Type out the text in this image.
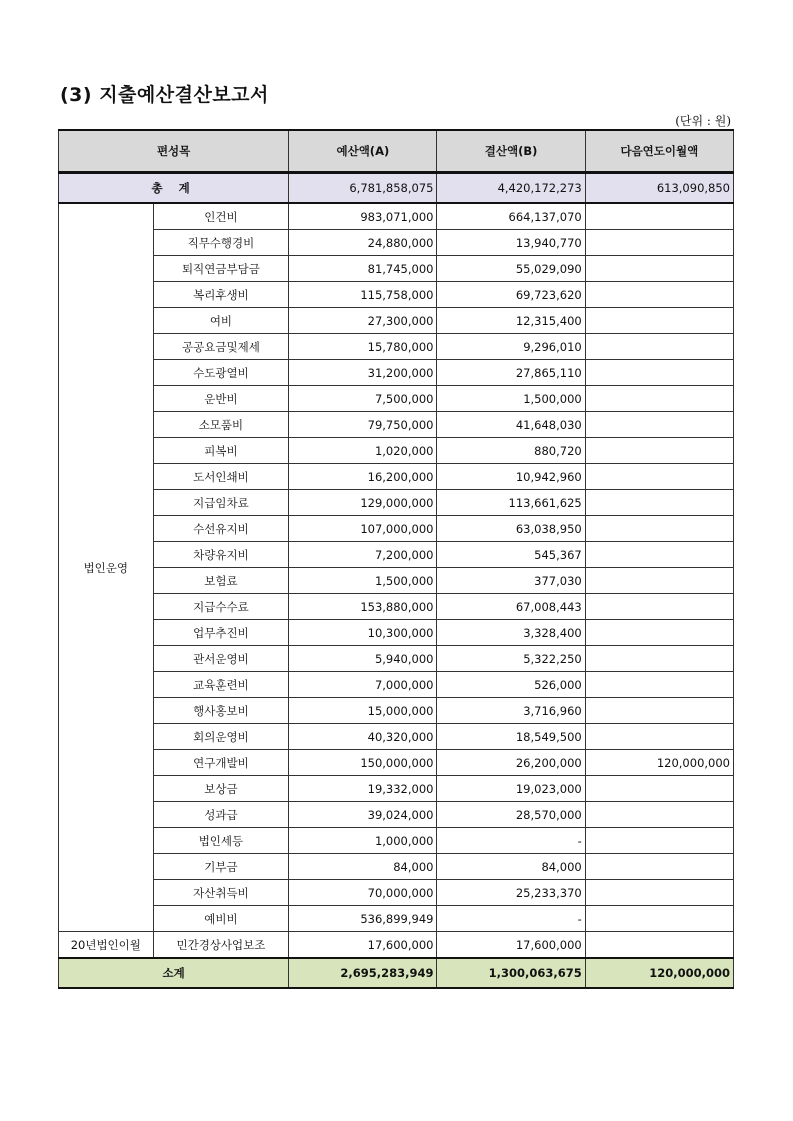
(3) 지출예산결산보고서
(단위 : 원)
편성목		예산액(A)	결산액(B)	다음연도이월액
총 계		6,781,858,075	4,420,172,273	613,090,850
법인운영	인건비	983,071,000	664,137,070	
	직무수행경비	24,880,000	13,940,770	
	퇴직연금부담금	81,745,000	55,029,090	
	복리후생비	115,758,000	69,723,620	
	여비	27,300,000	12,315,400	
	공공요금및제세	15,780,000	9,296,010	
	수도광열비	31,200,000	27,865,110	
	운반비	7,500,000	1,500,000	
	소모품비	79,750,000	41,648,030	
	피복비	1,020,000	880,720	
	도서인쇄비	16,200,000	10,942,960	
	지급임차료	129,000,000	113,661,625	
	수선유지비	107,000,000	63,038,950	
	차량유지비	7,200,000	545,367	
	보험료	1,500,000	377,030	
	지급수수료	153,880,000	67,008,443	
	업무추진비	10,300,000	3,328,400	
	관서운영비	5,940,000	5,322,250	
	교육훈련비	7,000,000	526,000	
	행사홍보비	15,000,000	3,716,960	
	회의운영비	40,320,000	18,549,500	
	연구개발비	150,000,000	26,200,000	120,000,000
	보상금	19,332,000	19,023,000	
	성과급	39,024,000	28,570,000	
	법인세등	1,000,000	-	
	기부금	84,000	84,000	
	자산취득비	70,000,000	25,233,370	
	예비비	536,899,949	-	
20년법인이월	민간경상사업보조	17,600,000	17,600,000	
소계		2,695,283,949	1,300,063,675	120,000,000
